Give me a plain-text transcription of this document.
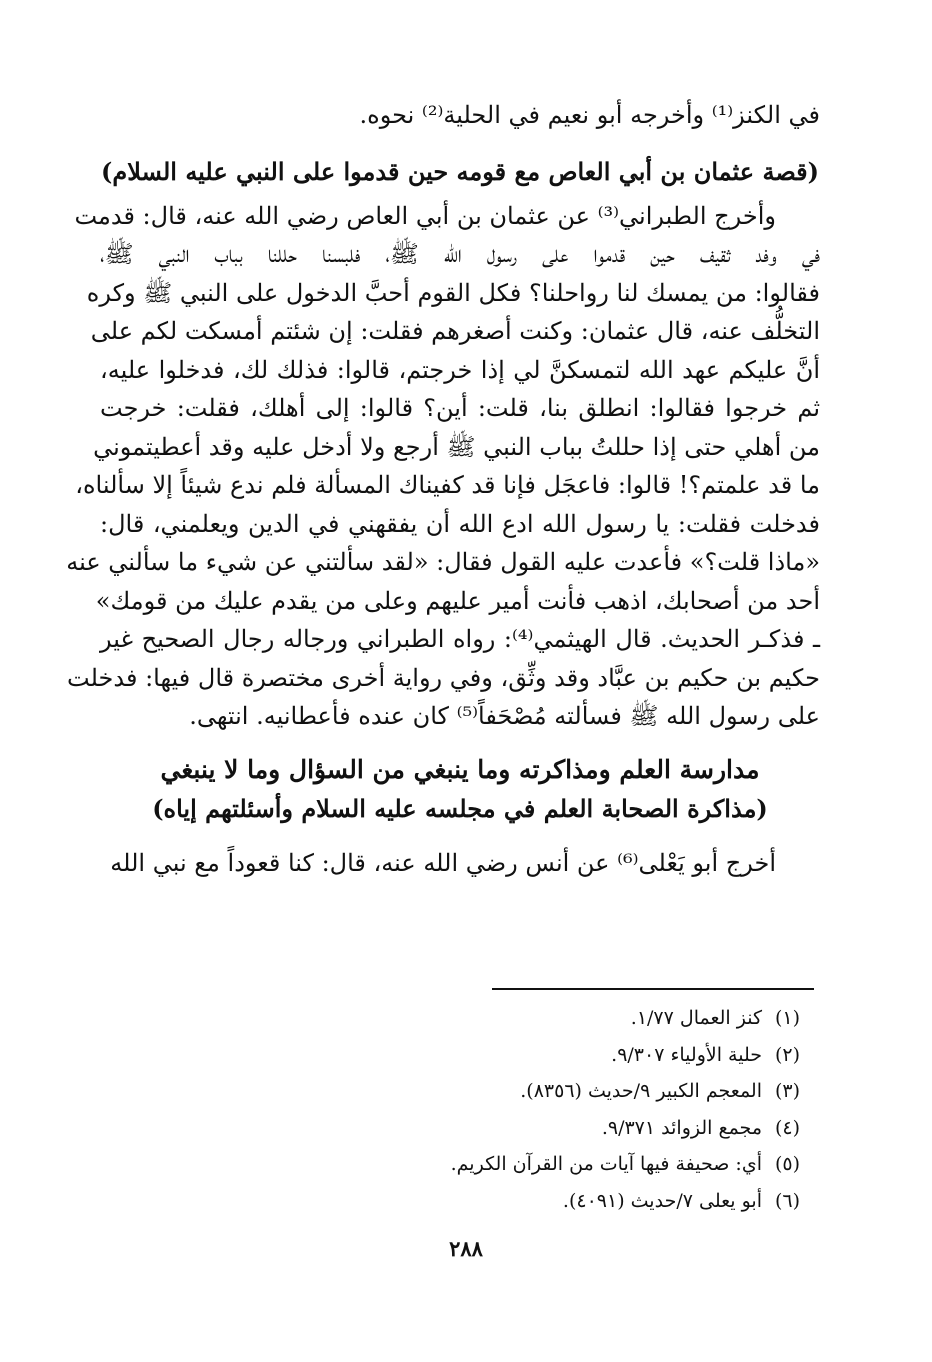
في الكنز⁽¹⁾ وأخرجه أبو نعيم في الحلية⁽²⁾ نحوه.
(قصة عثمان بن أبي العاص مع قومه حين قدموا على النبي عليه السلام)
وأخرج الطبراني⁽³⁾ عن عثمان بن أبي العاص رضي الله عنه، قال: قدمت
في وفد ثقيف حين قدموا على رسول الله ﷺ، فلبسنا حللنا بباب النبي ﷺ،
فقالوا: من يمسك لنا رواحلنا؟ فكل القوم أحبَّ الدخول على النبي ﷺ وكره
التخلُّف عنه، قال عثمان: وكنت أصغرهم فقلت: إن شئتم أمسكت لكم على
أنَّ عليكم عهد الله لتمسكنَّ لي إذا خرجتم، قالوا: فذلك لك، فدخلوا عليه،
ثم خرجوا فقالوا: انطلق بنا، قلت: أين؟ قالوا: إلى أهلك، فقلت: خرجت
من أهلي حتى إذا حللتُ بباب النبي ﷺ أرجع ولا أدخل عليه وقد أعطيتموني
ما قد علمتم؟! قالوا: فاعجَل فإنا قد كفيناك المسألة فلم ندع شيئاً إلا سألناه،
فدخلت فقلت: يا رسول الله ادع الله أن يفقهني في الدين ويعلمني، قال:
«ماذا قلت؟» فأعدت عليه القول فقال: «لقد سألتني عن شيء ما سألني عنه
أحد من أصحابك، اذهب فأنت أمير عليهم وعلى من يقدم عليك من قومك»
ـ فذكـر الحديث. قال الهيثمي⁽⁴⁾: رواه الطبراني ورجاله رجال الصحيح غير
حكيم بن حكيم بن عبَّاد وقد وثِّق، وفي رواية أخرى مختصرة قال فيها: فدخلت
على رسول الله ﷺ فسألته مُصْحَفاً⁽⁵⁾ كان عنده فأعطانيه. انتهى.
مدارسة العلم ومذاكرته وما ينبغي من السؤال وما لا ينبغي
(مذاكرة الصحابة العلم في مجلسه عليه السلام وأسئلتهم إياه)
أخرج أبو يَعْلى⁽⁶⁾ عن أنس رضي الله عنه، قال: كنا قعوداً مع نبي الله
(١)
كنز العمال ١/٧٧.
(٢)
حلية الأولياء ٩/٣٠٧.
(٣)
المعجم الكبير ٩/حديث (٨٣٥٦).
(٤)
مجمع الزوائد ٩/٣٧١.
(٥)
أي: صحيفة فيها آيات من القرآن الكريم.
(٦)
أبو يعلى ٧/حديث (٤٠٩١).
٢٨٨
